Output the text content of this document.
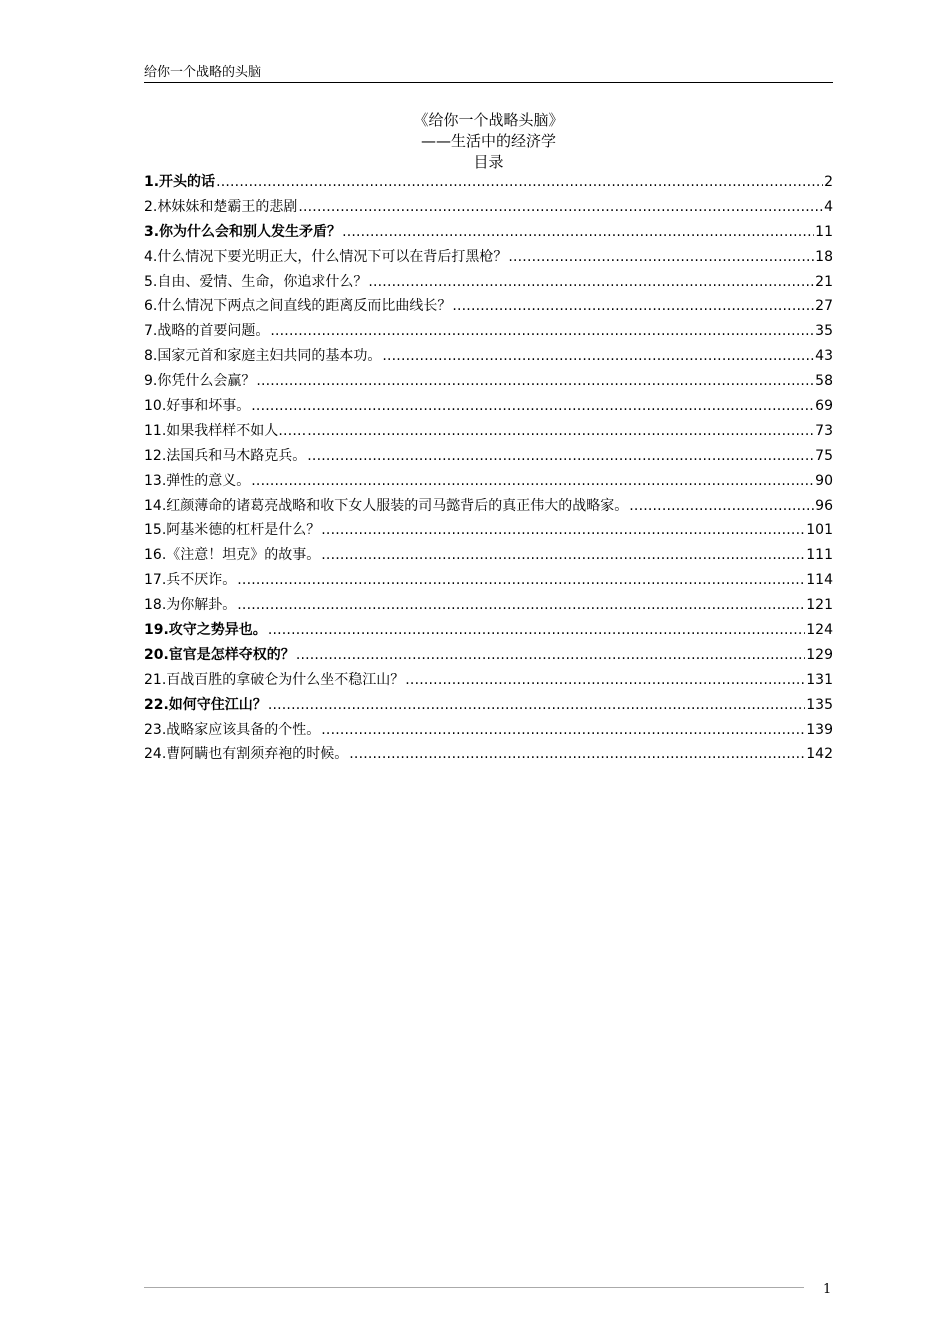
给你一个战略的头脑
《给你一个战略头脑》
——生活中的经济学
目录
1.开头的话 .....	2
2.林妹妹和楚霸王的悲剧 .....	4
3.你为什么会和别人发生矛盾？ .....	11
4.什么情况下要光明正大，什么情况下可以在背后打黑枪？ .....	18
5.自由、爱情、生命，你追求什么？ .....	21
6.什么情况下两点之间直线的距离反而比曲线长？ .....	27
7.战略的首要问题。 .....	35
8.国家元首和家庭主妇共同的基本功。 .....	43
9.你凭什么会赢？ .....	58
10.好事和坏事。 .....	69
11.如果我样样不如人…… .....	73
12.法国兵和马木路克兵。 .....	75
13.弹性的意义。 .....	90
14.红颜薄命的诸葛亮战略和收下女人服装的司马懿背后的真正伟大的战略家。 .....	96
15.阿基米德的杠杆是什么？ .....	101
16.《注意！坦克》的故事。 .....	111
17.兵不厌诈。 .....	114
18.为你解卦。 .....	121
19.攻守之势异也。 .....	124
20.宦官是怎样夺权的？ .....	129
21.百战百胜的拿破仑为什么坐不稳江山？ .....	131
22.如何守住江山？ .....	135
23.战略家应该具备的个性。 .....	139
24.曹阿瞒也有割须弃袍的时候。 .....	142
1
